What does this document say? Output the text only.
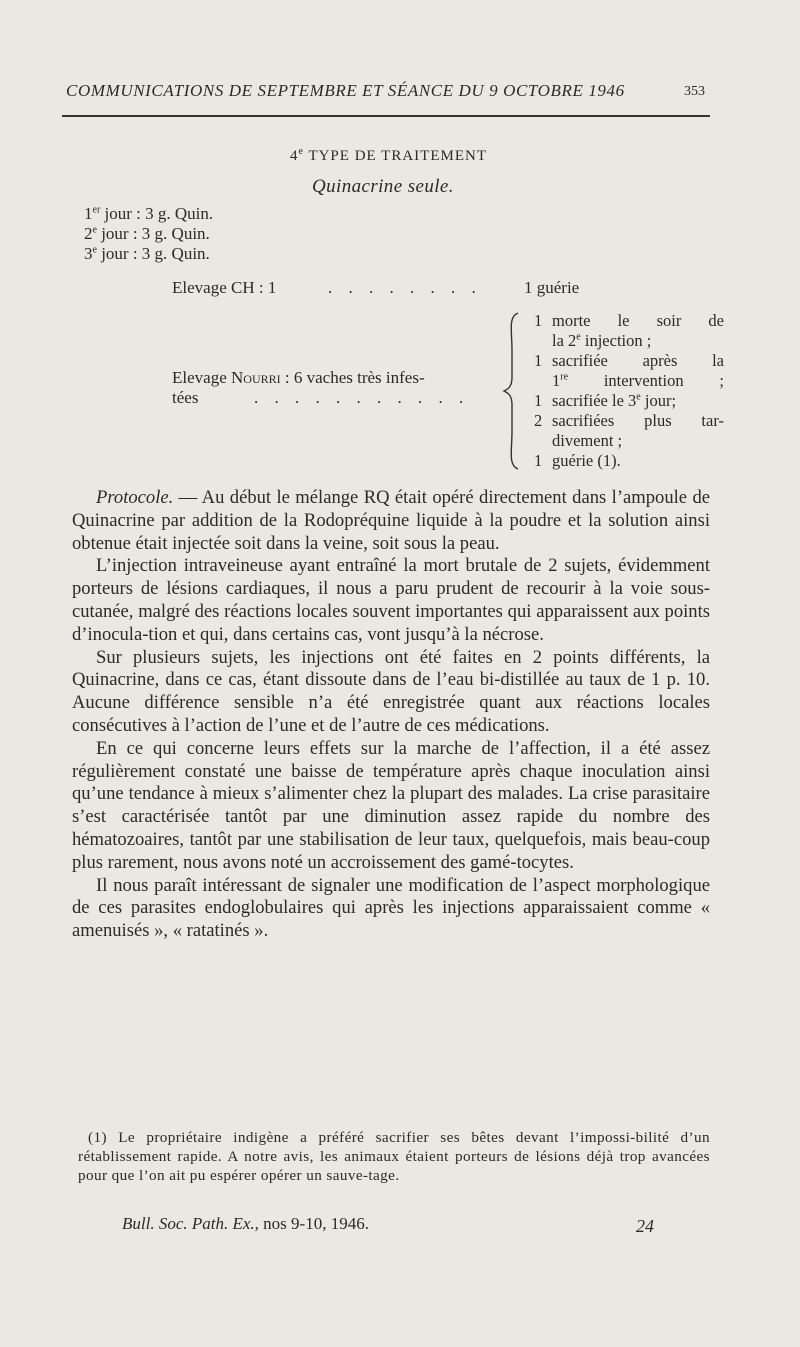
COMMUNICATIONS DE SEPTEMBRE ET SÉANCE DU 9 OCTOBRE 1946	353
4e TYPE DE TRAITEMENT
Quinacrine seule.
1er jour : 3 g. Quin.
2e jour : 3 g. Quin.
3e jour : 3 g. Quin.
Elevage CH : 1	. . . . . . . . 1 guérie
Elevage Nourri : 6 vaches très infes-
tées	. . . . . . . . . . .
1 morte le soir de
la 2e injection ;
1 sacrifiée après la
1re intervention ;
1 sacrifiée le 3e jour;
2 sacrifiées plus tar-
divement ;
1 guérie (1).

Protocole. — Au début le mélange RQ était opéré directement dans l’ampoule de Quinacrine par addition de la Rodopréquine liquide à la poudre et la solution ainsi obtenue était injectée soit dans la veine, soit sous la peau.

L’injection intraveineuse ayant entraîné la mort brutale de 2 sujets, évidemment porteurs de lésions cardiaques, il nous a paru prudent de recourir à la voie sous-cutanée, malgré des réactions locales souvent importantes qui apparaissent aux points d’inocula-tion et qui, dans certains cas, vont jusqu’à la nécrose.

Sur plusieurs sujets, les injections ont été faites en 2 points différents, la Quinacrine, dans ce cas, étant dissoute dans de l’eau bi-distillée au taux de 1 p. 10. Aucune différence sensible n’a été enregistrée quant aux réactions locales consécutives à l’action de l’une et de l’autre de ces médications.

En ce qui concerne leurs effets sur la marche de l’affection, il a été assez régulièrement constaté une baisse de température après chaque inoculation ainsi qu’une tendance à mieux s’alimenter chez la plupart des malades. La crise parasitaire s’est caractérisée tantôt par une diminution assez rapide du nombre des hématozoaires, tantôt par une stabilisation de leur taux, quelquefois, mais beau-coup plus rarement, nous avons noté un accroissement des gamé-tocytes.

Il nous paraît intéressant de signaler une modification de l’aspect morphologique de ces parasites endoglobulaires qui après les injections apparaissaient comme « amenuisés », « ratatinés ».

(1) Le propriétaire indigène a préféré sacrifier ses bêtes devant l’impossi-bilité d’un rétablissement rapide. A notre avis, les animaux étaient porteurs de lésions déjà trop avancées pour que l’on ait pu espérer opérer un sauve-tage.

Bull. Soc. Path. Ex., nos 9-10, 1946.	24
